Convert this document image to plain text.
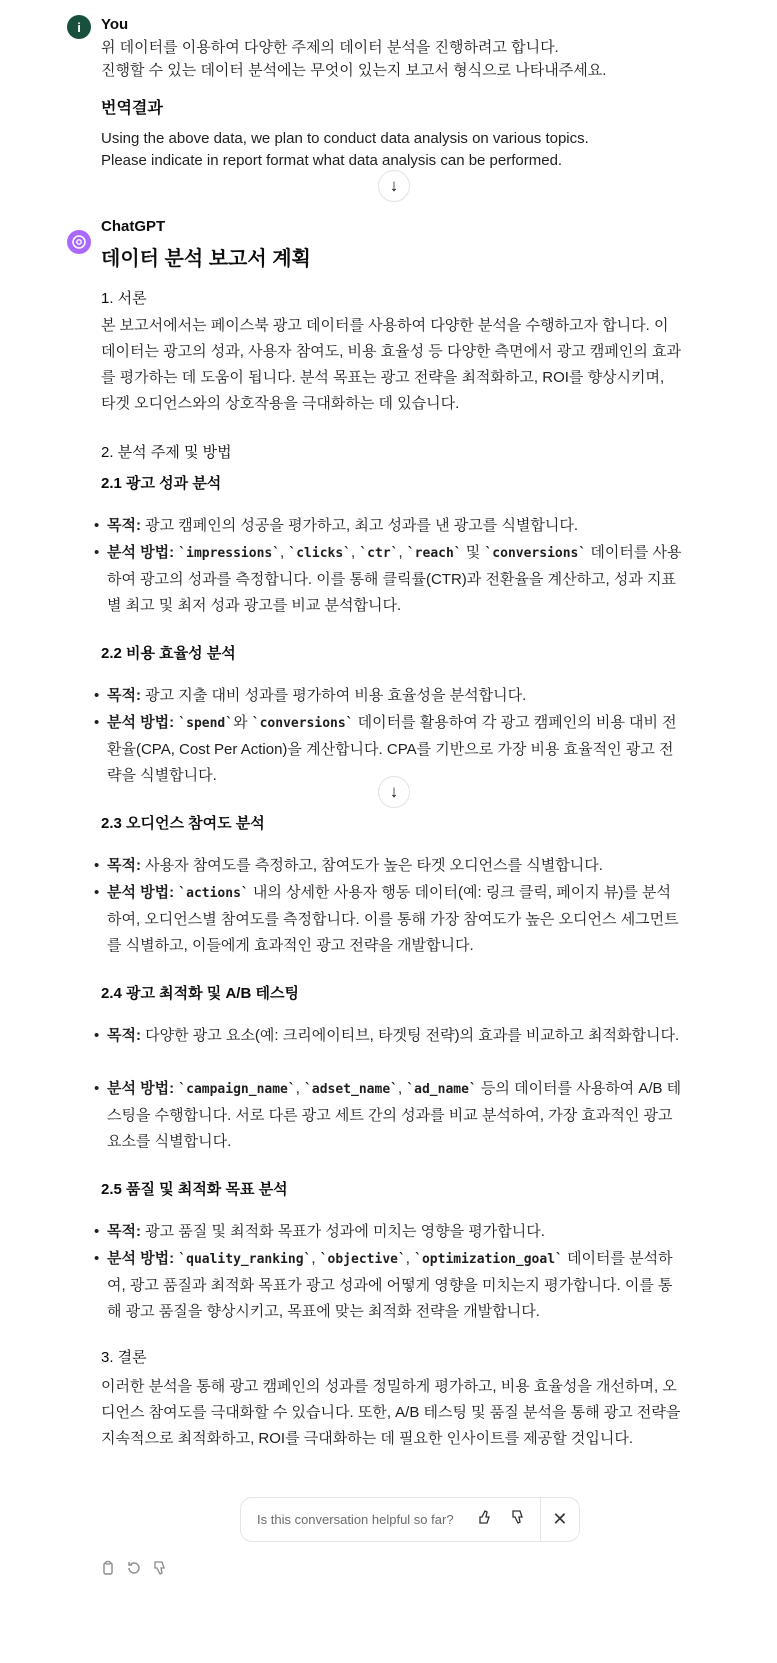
i You
위 데이터를 이용하여 다양한 주제의 데이터 분석을 진행하려고 합니다.
진행할 수 있는 데이터 분석에는 무엇이 있는지 보고서 형식으로 나타내주세요.
번역결과
Using the above data, we plan to conduct data analysis on various topics.
Please indicate in report format what data analysis can be performed.
↓
ChatGPT
데이터 분석 보고서 계획
1. 서론
본 보고서에서는 페이스북 광고 데이터를 사용하여 다양한 분석을 수행하고자 합니다. 이 데이터는 광고의 성과, 사용자 참여도, 비용 효율성 등 다양한 측면에서 광고 캠페인의 효과를 평가하는 데 도움이 됩니다. 분석 목표는 광고 전략을 최적화하고, ROI를 향상시키며, 타겟 오디언스와의 상호작용을 극대화하는 데 있습니다.
2. 분석 주제 및 방법
2.1 광고 성과 분석
• 목적: 광고 캠페인의 성공을 평가하고, 최고 성과를 낸 광고를 식별합니다.
• 분석 방법: `impressions`, `clicks`, `ctr`, `reach` 및 `conversions` 데이터를 사용하여 광고의 성과를 측정합니다. 이를 통해 클릭률(CTR)과 전환율을 계산하고, 성과 지표별 최고 및 최저 성과 광고를 비교 분석합니다.
2.2 비용 효율성 분석
• 목적: 광고 지출 대비 성과를 평가하여 비용 효율성을 분석합니다.
• 분석 방법: `spend`와 `conversions` 데이터를 활용하여 각 광고 캠페인의 비용 대비 전환율(CPA, Cost Per Action)을 계산합니다. CPA를 기반으로 가장 비용 효율적인 광고 전략을 식별합니다.
↓
2.3 오디언스 참여도 분석
• 목적: 사용자 참여도를 측정하고, 참여도가 높은 타겟 오디언스를 식별합니다.
• 분석 방법: `actions` 내의 상세한 사용자 행동 데이터(예: 링크 클릭, 페이지 뷰)를 분석하여, 오디언스별 참여도를 측정합니다. 이를 통해 가장 참여도가 높은 오디언스 세그먼트를 식별하고, 이들에게 효과적인 광고 전략을 개발합니다.
2.4 광고 최적화 및 A/B 테스팅
• 목적: 다양한 광고 요소(예: 크리에이티브, 타겟팅 전략)의 효과를 비교하고 최적화합니다.
• 분석 방법: `campaign_name`, `adset_name`, `ad_name` 등의 데이터를 사용하여 A/B 테스팅을 수행합니다. 서로 다른 광고 세트 간의 성과를 비교 분석하여, 가장 효과적인 광고 요소를 식별합니다.
2.5 품질 및 최적화 목표 분석
• 목적: 광고 품질 및 최적화 목표가 성과에 미치는 영향을 평가합니다.
• 분석 방법: `quality_ranking`, `objective`, `optimization_goal` 데이터를 분석하여, 광고 품질과 최적화 목표가 광고 성과에 어떻게 영향을 미치는지 평가합니다. 이를 통해 광고 품질을 향상시키고, 목표에 맞는 최적화 전략을 개발합니다.
3. 결론
이러한 분석을 통해 광고 캠페인의 성과를 정밀하게 평가하고, 비용 효율성을 개선하며, 오디언스 참여도를 극대화할 수 있습니다. 또한, A/B 테스팅 및 품질 분석을 통해 광고 전략을 지속적으로 최적화하고, ROI를 극대화하는 데 필요한 인사이트를 제공할 것입니다.
Is this conversation helpful so far?	✕
